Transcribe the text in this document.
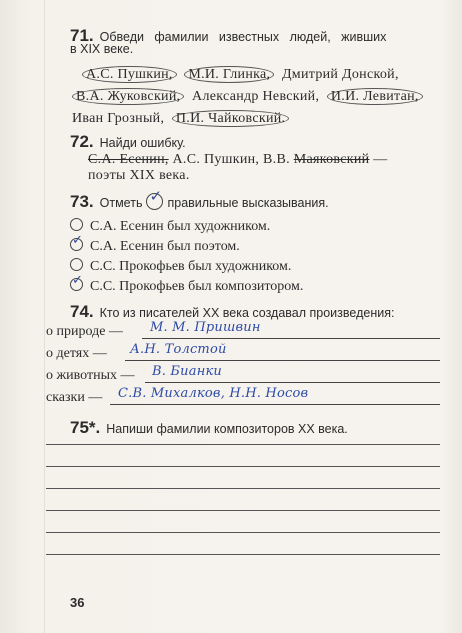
71. Обведи   фамилии   известных   людей,   живших
в XIX веке.
А.С. Пушкин, М.И. Глинка, Дмитрий Донской,
В.А. Жуковский, Александр Невский, И.И. Левитан,
Иван Грозный, П.И. Чайковский.
72. Найди ошибку.
С.А. Есенин, А.С. Пушкин, В.В. Маяковский —
поэты XIX века.
73. Отметь ✓ правильные высказывания.
С.А. Есенин был художником.
✓ С.А. Есенин был поэтом.
С.С. Прокофьев был художником.
✓ С.С. Прокофьев был композитором.
74. Кто из писателей XX века создавал произведения:
о природе — М. М. Пришвин
о детях — А.Н. Толстой
о животных — В. Бианки
сказки — С.В. Михалков, Н.Н. Носов
75*. Напиши фамилии композиторов XX века.
36
